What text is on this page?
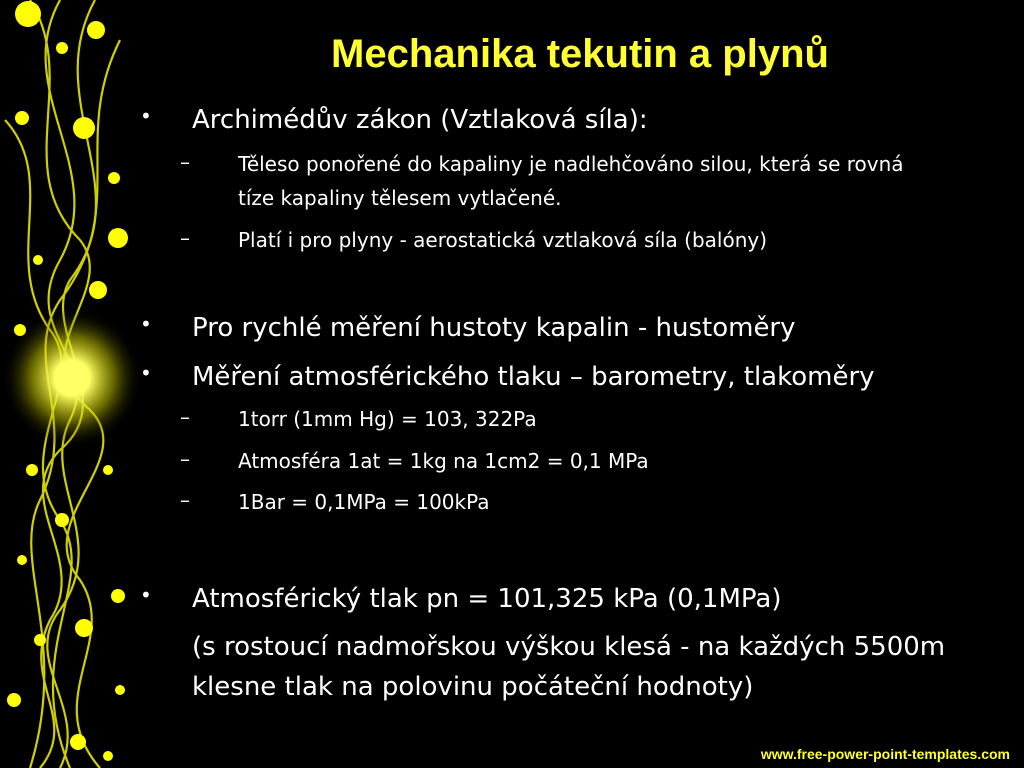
Mechanika tekutin a plynů
• Archimédův zákon (Vztlaková síla):
– Těleso ponořené do kapaliny je nadlehčováno silou, která se rovná
tíze kapaliny tělesem vytlačené.
– Platí i pro plyny - aerostatická vztlaková síla (balóny)
• Pro rychlé měření hustoty kapalin - hustoměry
• Měření atmosférického tlaku – barometry, tlakoměry
– 1torr (1mm Hg) = 103, 322Pa
– Atmosféra 1at = 1kg na 1cm2 = 0,1 MPa
– 1Bar = 0,1MPa = 100kPa
• Atmosférický tlak pn = 101,325 kPa (0,1MPa)
(s rostoucí nadmořskou výškou klesá - na každých 5500m
klesne tlak na polovinu počáteční hodnoty)
www.free-power-point-templates.com
